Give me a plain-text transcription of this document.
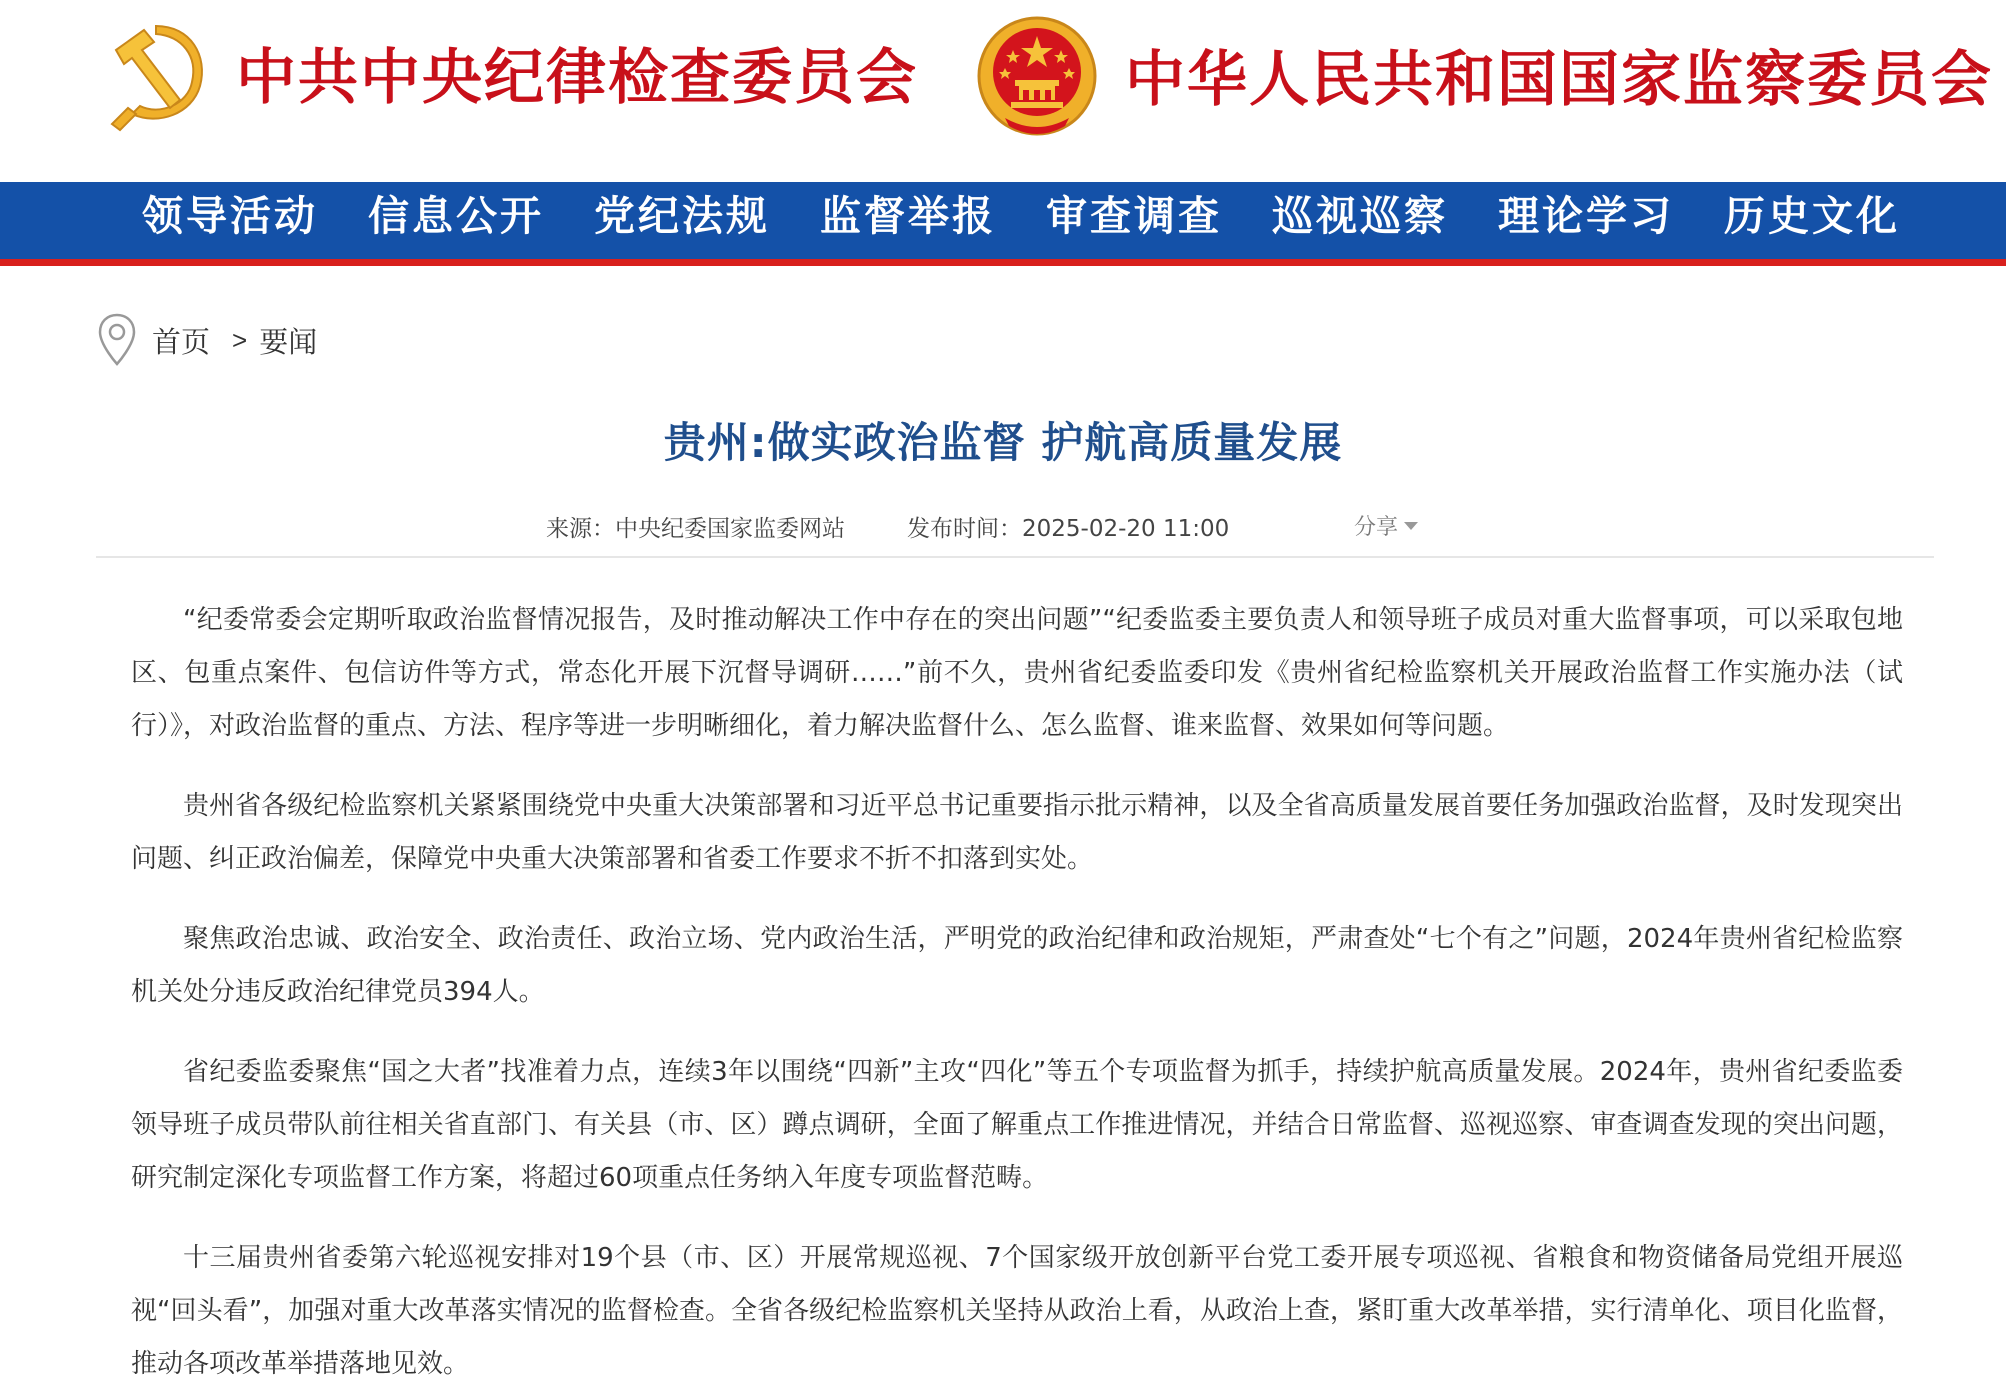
中共中央纪律检查委员会	中华人民共和国国家监察委员会
领导活动	信息公开	党纪法规	监督举报	审查调查	巡视巡察	理论学习	历史文化
首页 > 要闻
贵州:做实政治监督 护航高质量发展
来源：中央纪委国家监委网站	发布时间：2025-02-20 11:00	分享

“纪委常委会定期听取政治监督情况报告，及时推动解决工作中存在的突出问题”“纪委监委主要负责人和领导班子成员对重大监督事项，可以采取包地区、包重点案件、包信访件等方式，常态化开展下沉督导调研……”前不久，贵州省纪委监委印发《贵州省纪检监察机关开展政治监督工作实施办法（试行）》，对政治监督的重点、方法、程序等进一步明晰细化，着力解决监督什么、怎么监督、谁来监督、效果如何等问题。

贵州省各级纪检监察机关紧紧围绕党中央重大决策部署和习近平总书记重要指示批示精神，以及全省高质量发展首要任务加强政治监督，及时发现突出问题、纠正政治偏差，保障党中央重大决策部署和省委工作要求不折不扣落到实处。

聚焦政治忠诚、政治安全、政治责任、政治立场、党内政治生活，严明党的政治纪律和政治规矩，严肃查处“七个有之”问题，2024年贵州省纪检监察机关处分违反政治纪律党员394人。

省纪委监委聚焦“国之大者”找准着力点，连续3年以围绕“四新”主攻“四化”等五个专项监督为抓手，持续护航高质量发展。2024年，贵州省纪委监委领导班子成员带队前往相关省直部门、有关县（市、区）蹲点调研，全面了解重点工作推进情况，并结合日常监督、巡视巡察、审查调查发现的突出问题，研究制定深化专项监督工作方案，将超过60项重点任务纳入年度专项监督范畴。

十三届贵州省委第六轮巡视安排对19个县（市、区）开展常规巡视、7个国家级开放创新平台党工委开展专项巡视、省粮食和物资储备局党组开展巡视“回头看”，加强对重大改革落实情况的监督检查。全省各级纪检监察机关坚持从政治上看，从政治上查，紧盯重大改革举措，实行清单化、项目化监督，推动各项改革举措落地见效。
